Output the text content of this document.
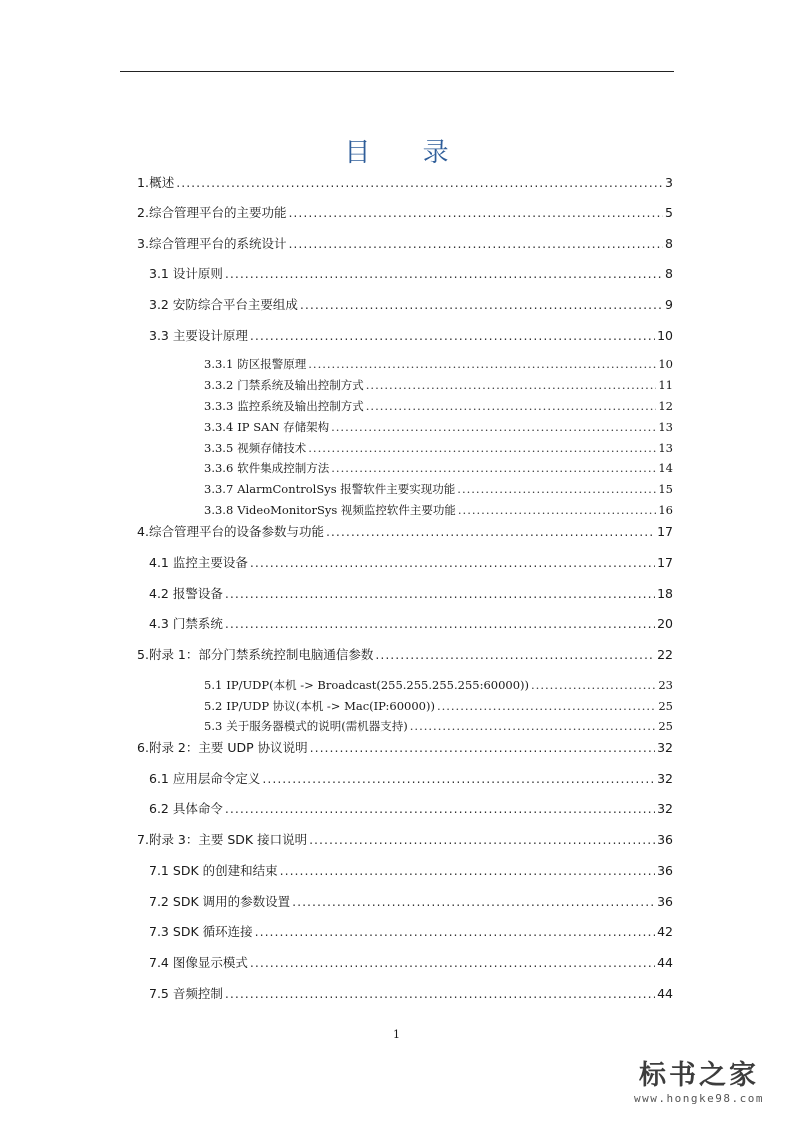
目 录
1. 概述 .....	3
2. 综合管理平台的主要功能 .....	5
3. 综合管理平台的系统设计 .....	8
3.1 设计原则 .....	8
3.2 安防综合平台主要组成 .....	9
3.3 主要设计原理 .....	10
3.3.1 防区报警原理 .....	10
3.3.2 门禁系统及输出控制方式 .....	11
3.3.3 监控系统及输出控制方式 .....	12
3.3.4 IP SAN 存储架构 .....	13
3.3.5 视频存储技术 .....	13
3.3.6 软件集成控制方法 .....	14
3.3.7 AlarmControlSys 报警软件主要实现功能 .....	15
3.3.8 VideoMonitorSys 视频监控软件主要功能 .....	16
4. 综合管理平台的设备参数与功能 .....	17
4.1 监控主要设备 .....	17
4.2 报警设备 .....	18
4.3 门禁系统 .....	20
5. 附录 1：部分门禁系统控制电脑通信参数 .....	22
5.1 IP/UDP(本机 -> Broadcast(255.255.255.255:60000)) .....	23
5.2 IP/UDP 协议(本机 -> Mac(IP:60000)) .....	25
5.3 关于服务器模式的说明(需机器支持) .....	25
6. 附录 2：主要 UDP 协议说明 .....	32
6.1 应用层命令定义 .....	32
6.2 具体命令 .....	32
7. 附录 3：主要 SDK 接口说明 .....	36
7.1 SDK 的创建和结束 .....	36
7.2 SDK 调用的参数设置 .....	36
7.3 SDK 循环连接 .....	42
7.4 图像显示模式 .....	44
7.5 音频控制 .....	44
1
标书之家
www.hongke98.com
